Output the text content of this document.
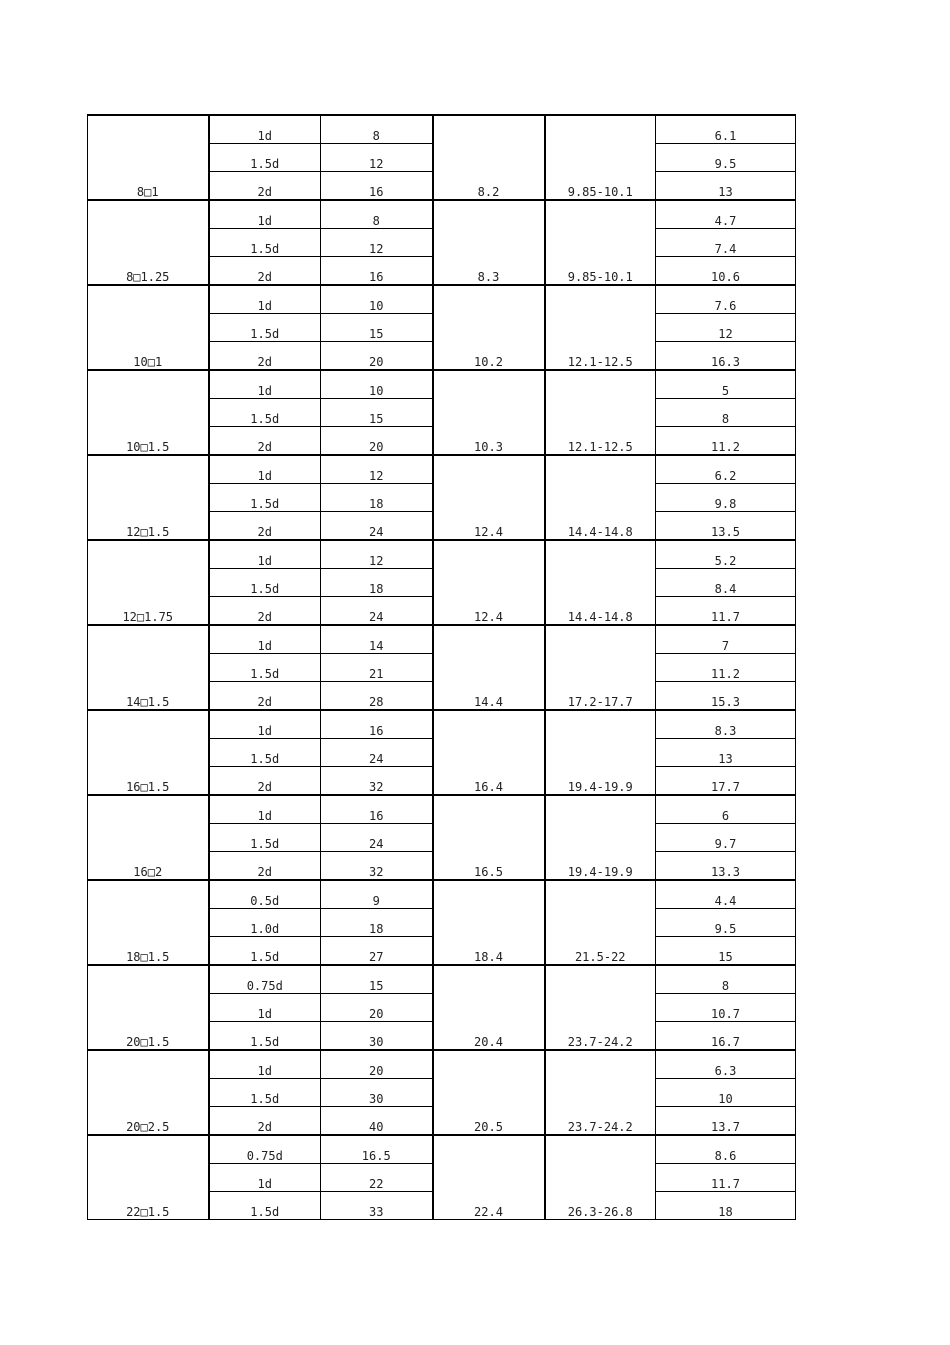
8□1	1d	8	8.2	9.85-10.1	6.1
	1.5d	12			9.5
	2d	16			13
8□1.25	1d	8	8.3	9.85-10.1	4.7
	1.5d	12			7.4
	2d	16			10.6
10□1	1d	10	10.2	12.1-12.5	7.6
	1.5d	15			12
	2d	20			16.3
10□1.5	1d	10	10.3	12.1-12.5	5
	1.5d	15			8
	2d	20			11.2
12□1.5	1d	12	12.4	14.4-14.8	6.2
	1.5d	18			9.8
	2d	24			13.5
12□1.75	1d	12	12.4	14.4-14.8	5.2
	1.5d	18			8.4
	2d	24			11.7
14□1.5	1d	14	14.4	17.2-17.7	7
	1.5d	21			11.2
	2d	28			15.3
16□1.5	1d	16	16.4	19.4-19.9	8.3
	1.5d	24			13
	2d	32			17.7
16□2	1d	16	16.5	19.4-19.9	6
	1.5d	24			9.7
	2d	32			13.3
18□1.5	0.5d	9	18.4	21.5-22	4.4
	1.0d	18			9.5
	1.5d	27			15
20□1.5	0.75d	15	20.4	23.7-24.2	8
	1d	20			10.7
	1.5d	30			16.7
20□2.5	1d	20	20.5	23.7-24.2	6.3
	1.5d	30			10
	2d	40			13.7
22□1.5	0.75d	16.5	22.4	26.3-26.8	8.6
	1d	22			11.7
	1.5d	33			18
